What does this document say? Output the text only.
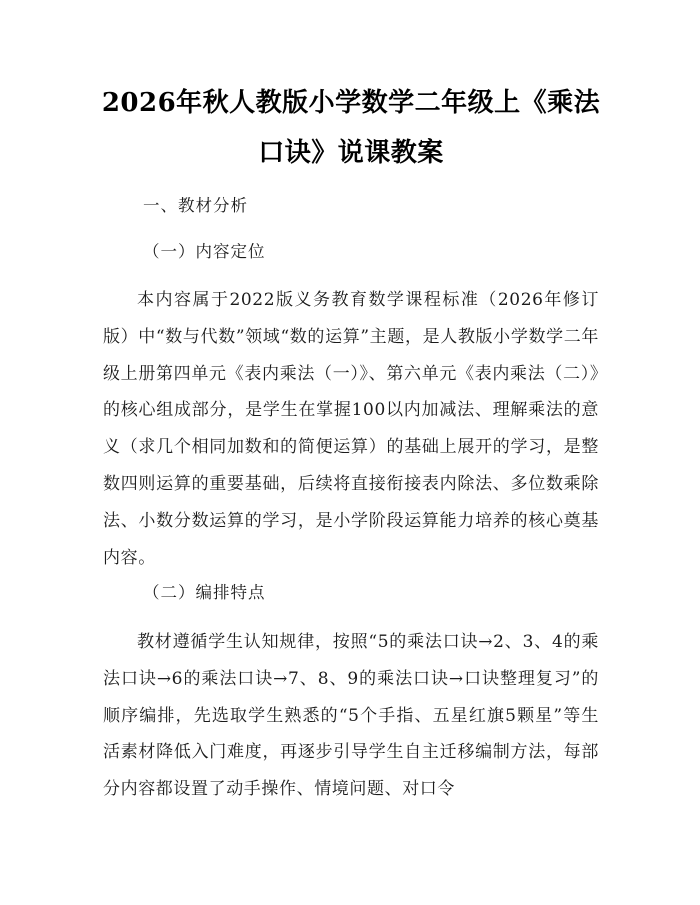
2026年秋人教版小学数学二年级上《乘法口诀》说课教案
一、教材分析
（一）内容定位
本内容属于2022版义务教育数学课程标准（2026年修订版）中“数与代数”领域“数的运算”主题，是人教版小学数学二年级上册第四单元《表内乘法（一）》、第六单元《表内乘法（二）》的核心组成部分，是学生在掌握100以内加减法、理解乘法的意义（求几个相同加数和的简便运算）的基础上展开的学习，是整数四则运算的重要基础，后续将直接衔接表内除法、多位数乘除法、小数分数运算的学习，是小学阶段运算能力培养的核心奠基内容。
（二）编排特点
教材遵循学生认知规律，按照“5的乘法口诀→2、3、4的乘法口诀→6的乘法口诀→7、8、9的乘法口诀→口诀整理复习”的顺序编排，先选取学生熟悉的“5个手指、五星红旗5颗星”等生活素材降低入门难度，再逐步引导学生自主迁移编制方法，每部分内容都设置了动手操作、情境问题、对口令
